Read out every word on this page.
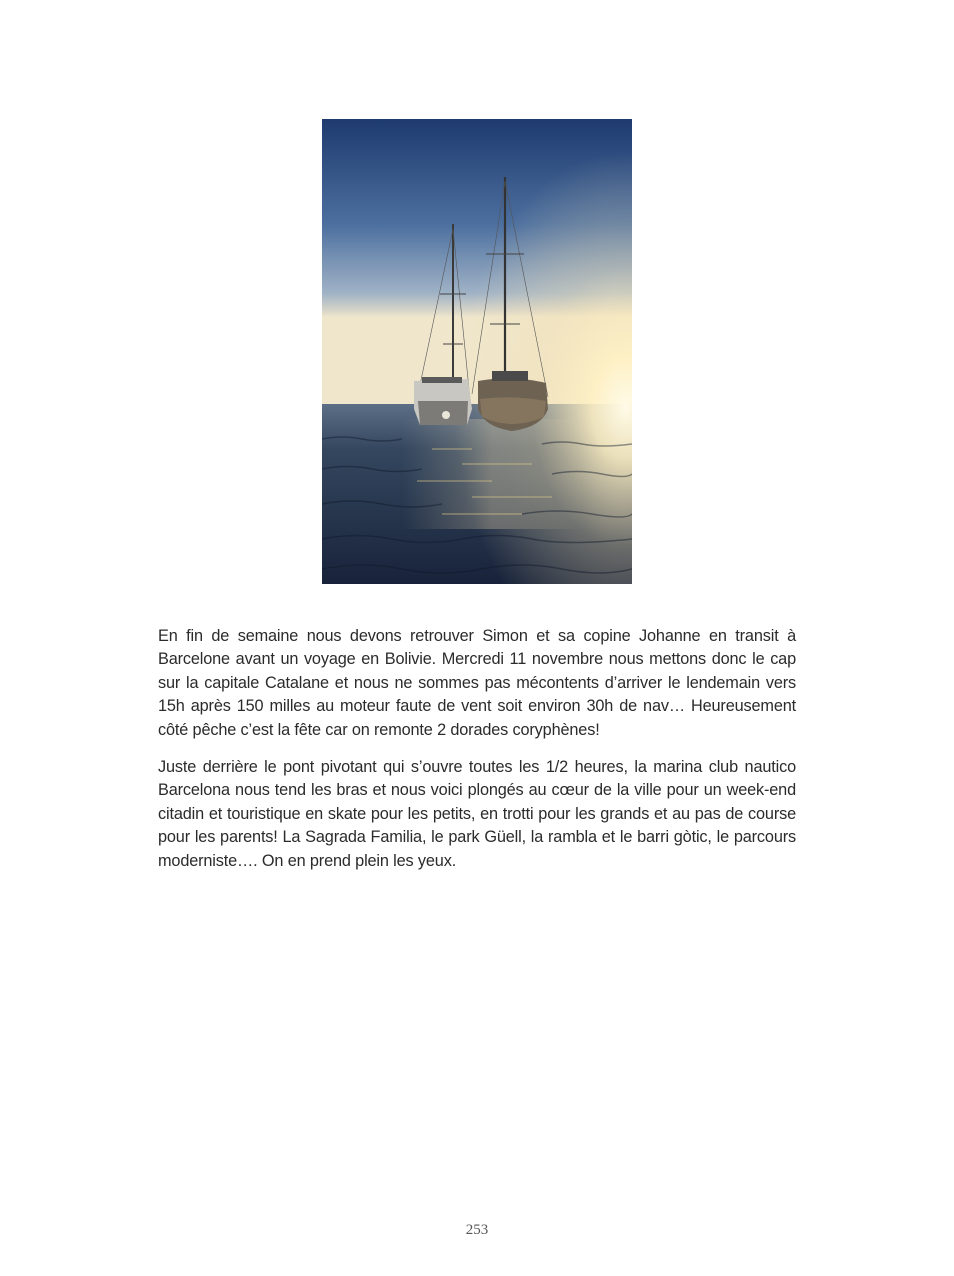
En fin de semaine nous devons retrouver Simon et sa copine Johanne en transit à Barcelone avant un voyage en Bolivie. Mercredi 11 novembre nous mettons donc le cap sur la capitale Catalane et nous ne sommes pas mécontents d’arriver le lendemain vers 15h après 150 milles au moteur faute de vent soit environ 30h de nav… Heureusement côté pêche c’est la fête car on remonte 2 dorades coryphènes!

Juste derrière le pont pivotant qui s’ouvre toutes les 1/2 heures, la marina club nautico Barcelona nous tend les bras et nous voici plongés au cœur de la ville pour un week-end citadin et touristique en skate pour les petits, en trotti pour les grands et au pas de course pour les parents! La Sagrada Familia, le park Güell, la rambla et le barri gòtic, le parcours moderniste…. On en prend plein les yeux.

253
